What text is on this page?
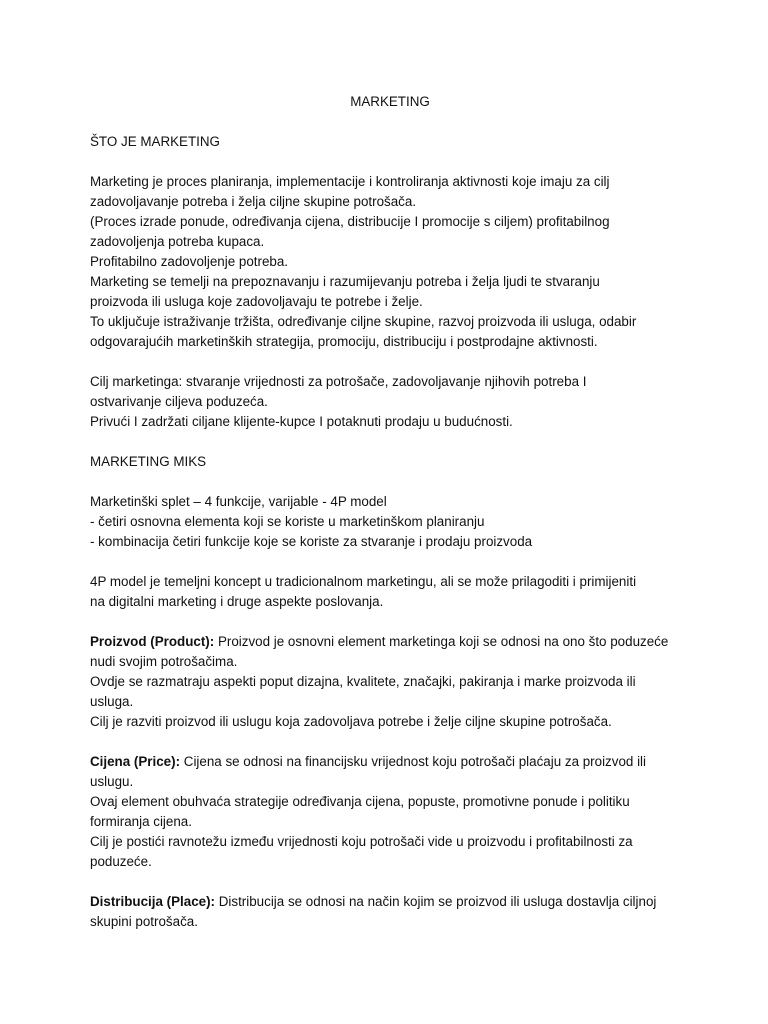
MARKETING
ŠTO JE MARKETING
Marketing je proces planiranja, implementacije i kontroliranja aktivnosti koje imaju za cilj
zadovoljavanje potreba i želja ciljne skupine potrošača.
(Proces izrade ponude, određivanja cijena, distribucije I promocije s ciljem) profitabilnog
zadovoljenja potreba kupaca.
Profitabilno zadovoljenje potreba.
Marketing se temelji na prepoznavanju i razumijevanju potreba i želja ljudi te stvaranju
proizvoda ili usluga koje zadovoljavaju te potrebe i želje.
To uključuje istraživanje tržišta, određivanje ciljne skupine, razvoj proizvoda ili usluga, odabir
odgovarajućih marketinških strategija, promociju, distribuciju i postprodajne aktivnosti.
Cilj marketinga: stvaranje vrijednosti za potrošače, zadovoljavanje njihovih potreba I
ostvarivanje ciljeva poduzeća.
Privući I zadržati ciljane klijente-kupce I potaknuti prodaju u budućnosti.
MARKETING MIKS
Marketinški splet – 4 funkcije, varijable - 4P model
- četiri osnovna elementa koji se koriste u marketinškom planiranju
- kombinacija četiri funkcije koje se koriste za stvaranje i prodaju proizvoda
4P model je temeljni koncept u tradicionalnom marketingu, ali se može prilagoditi i primijeniti
na digitalni marketing i druge aspekte poslovanja.
Proizvod (Product): Proizvod je osnovni element marketinga koji se odnosi na ono što poduzeće
nudi svojim potrošačima.
Ovdje se razmatraju aspekti poput dizajna, kvalitete, značajki, pakiranja i marke proizvoda ili
usluga.
Cilj je razviti proizvod ili uslugu koja zadovoljava potrebe i želje ciljne skupine potrošača.
Cijena (Price): Cijena se odnosi na financijsku vrijednost koju potrošači plaćaju za proizvod ili
uslugu.
Ovaj element obuhvaća strategije određivanja cijena, popuste, promotivne ponude i politiku
formiranja cijena.
Cilj je postići ravnotežu između vrijednosti koju potrošači vide u proizvodu i profitabilnosti za
poduzeće.
Distribucija (Place): Distribucija se odnosi na način kojim se proizvod ili usluga dostavlja ciljnoj
skupini potrošača.
